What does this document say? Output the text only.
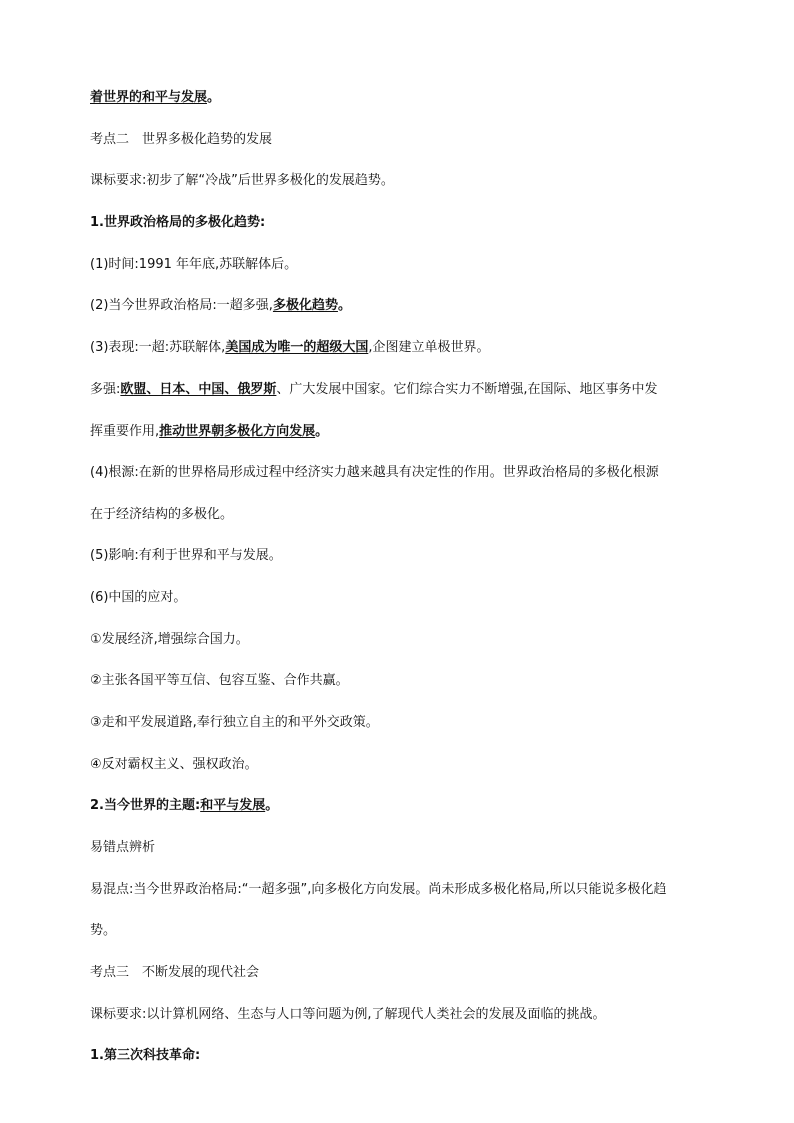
着世界的和平与发展。
考点二　世界多极化趋势的发展
课标要求:初步了解“冷战”后世界多极化的发展趋势。
1.世界政治格局的多极化趋势:
(1)时间:1991 年年底,苏联解体后。
(2)当今世界政治格局:一超多强,多极化趋势。
(3)表现:一超:苏联解体,美国成为唯一的超级大国,企图建立单极世界。
多强:欧盟、日本、中国、俄罗斯、广大发展中国家。它们综合实力不断增强,在国际、地区事务中发
挥重要作用,推动世界朝多极化方向发展。
(4)根源:在新的世界格局形成过程中经济实力越来越具有决定性的作用。世界政治格局的多极化根源
在于经济结构的多极化。
(5)影响:有利于世界和平与发展。
(6)中国的应对。
①发展经济,增强综合国力。
②主张各国平等互信、包容互鉴、合作共赢。
③走和平发展道路,奉行独立自主的和平外交政策。
④反对霸权主义、强权政治。
2.当今世界的主题:和平与发展。
易错点辨析
易混点:当今世界政治格局:“一超多强”,向多极化方向发展。尚未形成多极化格局,所以只能说多极化趋
势。
考点三　不断发展的现代社会
课标要求:以计算机网络、生态与人口等问题为例,了解现代人类社会的发展及面临的挑战。
1.第三次科技革命:
